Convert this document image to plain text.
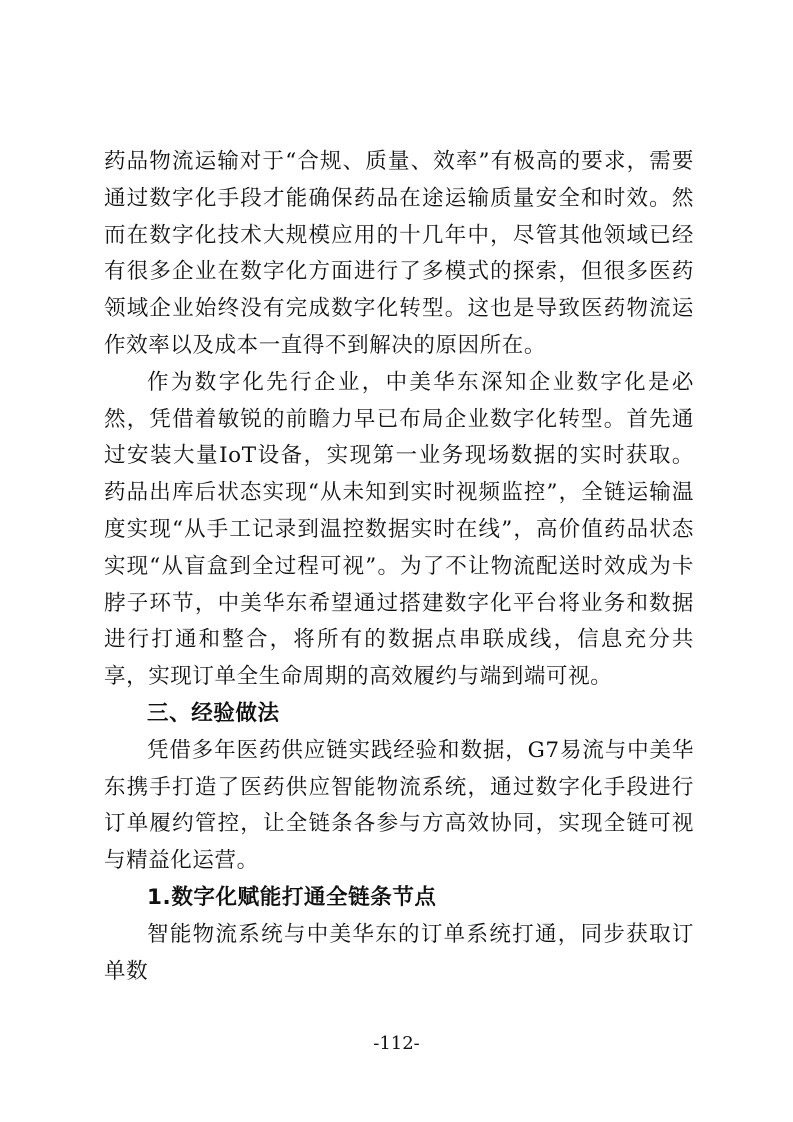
药品物流运输对于“合规、质量、效率”有极高的要求，需要通过数字化手段才能确保药品在途运输质量安全和时效。然而在数字化技术大规模应用的十几年中，尽管其他领域已经有很多企业在数字化方面进行了多模式的探索，但很多医药领域企业始终没有完成数字化转型。这也是导致医药物流运作效率以及成本一直得不到解决的原因所在。

作为数字化先行企业，中美华东深知企业数字化是必然，凭借着敏锐的前瞻力早已布局企业数字化转型。首先通过安装大量IoT设备，实现第一业务现场数据的实时获取。药品出库后状态实现“从未知到实时视频监控”，全链运输温度实现“从手工记录到温控数据实时在线”，高价值药品状态实现“从盲盒到全过程可视”。为了不让物流配送时效成为卡脖子环节，中美华东希望通过搭建数字化平台将业务和数据进行打通和整合，将所有的数据点串联成线，信息充分共享，实现订单全生命周期的高效履约与端到端可视。

三、经验做法

凭借多年医药供应链实践经验和数据，G7易流与中美华东携手打造了医药供应智能物流系统，通过数字化手段进行订单履约管控，让全链条各参与方高效协同，实现全链可视与精益化运营。

1.数字化赋能打通全链条节点

智能物流系统与中美华东的订单系统打通，同步获取订单数

-112-
